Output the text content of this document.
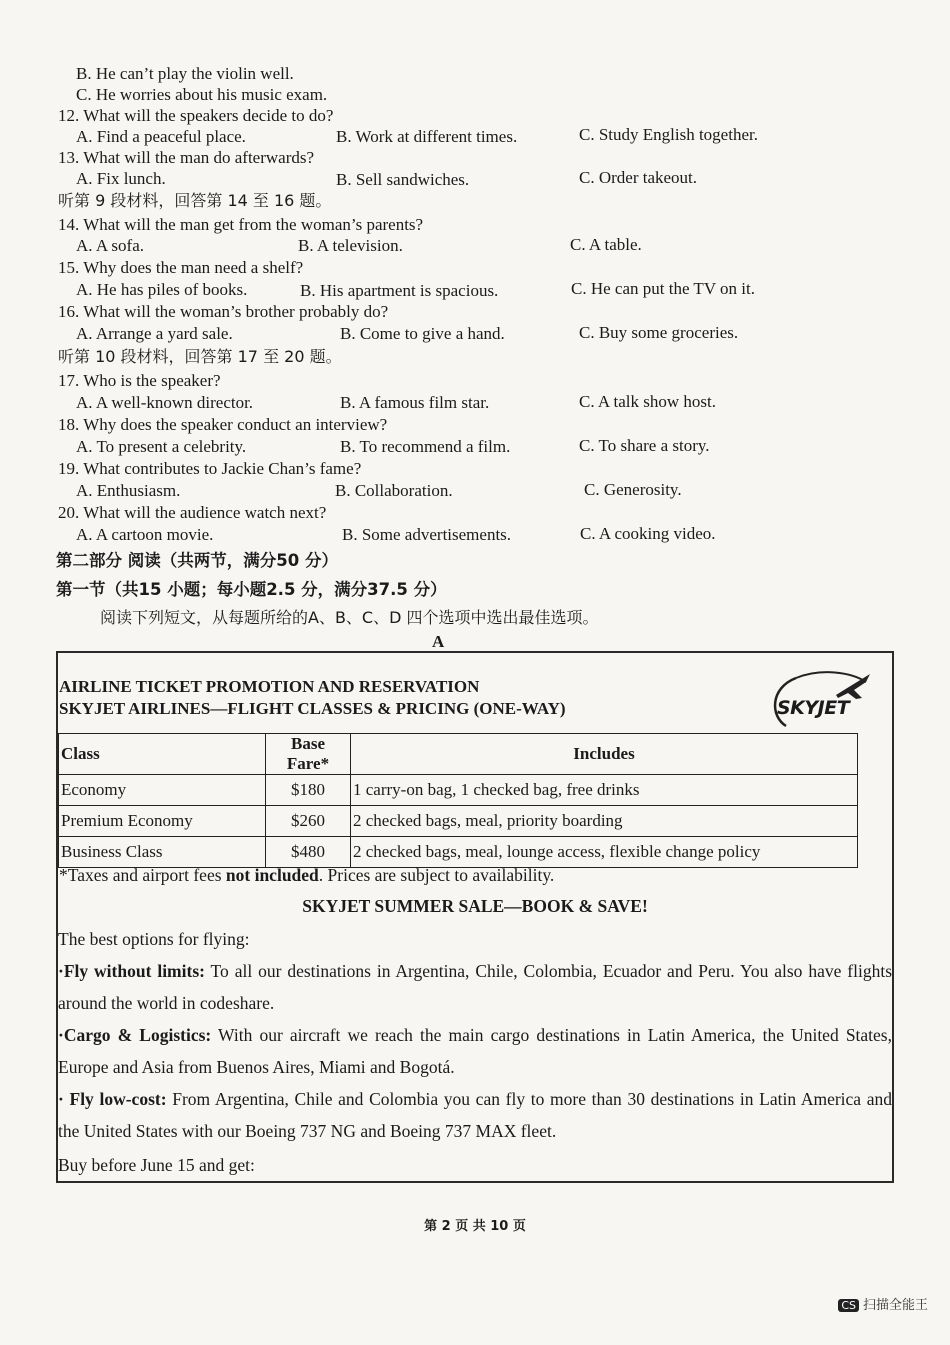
B. He can’t play the violin well.
C. He worries about his music exam.
12. What will the speakers decide to do?
A. Find a peaceful place.	B. Work at different times.	C. Study English together.
13. What will the man do afterwards?
A. Fix lunch.	B. Sell sandwiches.	C. Order takeout.
听第 9 段材料，回答第 14 至 16 题。
14. What will the man get from the woman’s parents?
A. A sofa.	B. A television.	C. A table.
15. Why does the man need a shelf?
A. He has piles of books.	B. His apartment is spacious.	C. He can put the TV on it.
16. What will the woman’s brother probably do?
A. Arrange a yard sale.	B. Come to give a hand.	C. Buy some groceries.
听第 10 段材料，回答第 17 至 20 题。
17. Who is the speaker?
A. A well-known director.	B. A famous film star.	C. A talk show host.
18. Why does the speaker conduct an interview?
A. To present a celebrity.	B. To recommend a film.	C. To share a story.
19. What contributes to Jackie Chan’s fame?
A. Enthusiasm.	B. Collaboration.	C. Generosity.
20. What will the audience watch next?
A. A cartoon movie.	B. Some advertisements.	C. A cooking video.
第二部分 阅读（共两节，满分50 分）
第一节（共15 小题；每小题2.5 分，满分37.5 分）
阅读下列短文，从每题所给的A、B、C、D 四个选项中选出最佳选项。
A
AIRLINE TICKET PROMOTION AND RESERVATION
SKYJET AIRLINES—FLIGHT CLASSES & PRICING (ONE-WAY)	SKYJET
Class	Base Fare*	Includes
Economy	$180	1 carry-on bag, 1 checked bag, free drinks
Premium Economy	$260	2 checked bags, meal, priority boarding
Business Class	$480	2 checked bags, meal, lounge access, flexible change policy
*Taxes and airport fees not included. Prices are subject to availability.
SKYJET SUMMER SALE—BOOK & SAVE!
The best options for flying:
·Fly without limits: To all our destinations in Argentina, Chile, Colombia, Ecuador and Peru. You also have flights around the world in codeshare.
·Cargo & Logistics: With our aircraft we reach the main cargo destinations in Latin America, the United States, Europe and Asia from Buenos Aires, Miami and Bogotá.
· Fly low-cost: From Argentina, Chile and Colombia you can fly to more than 30 destinations in Latin America and the United States with our Boeing 737 NG and Boeing 737 MAX fleet.
Buy before June 15 and get:
第 2 页 共 10 页
CS 扫描全能王
